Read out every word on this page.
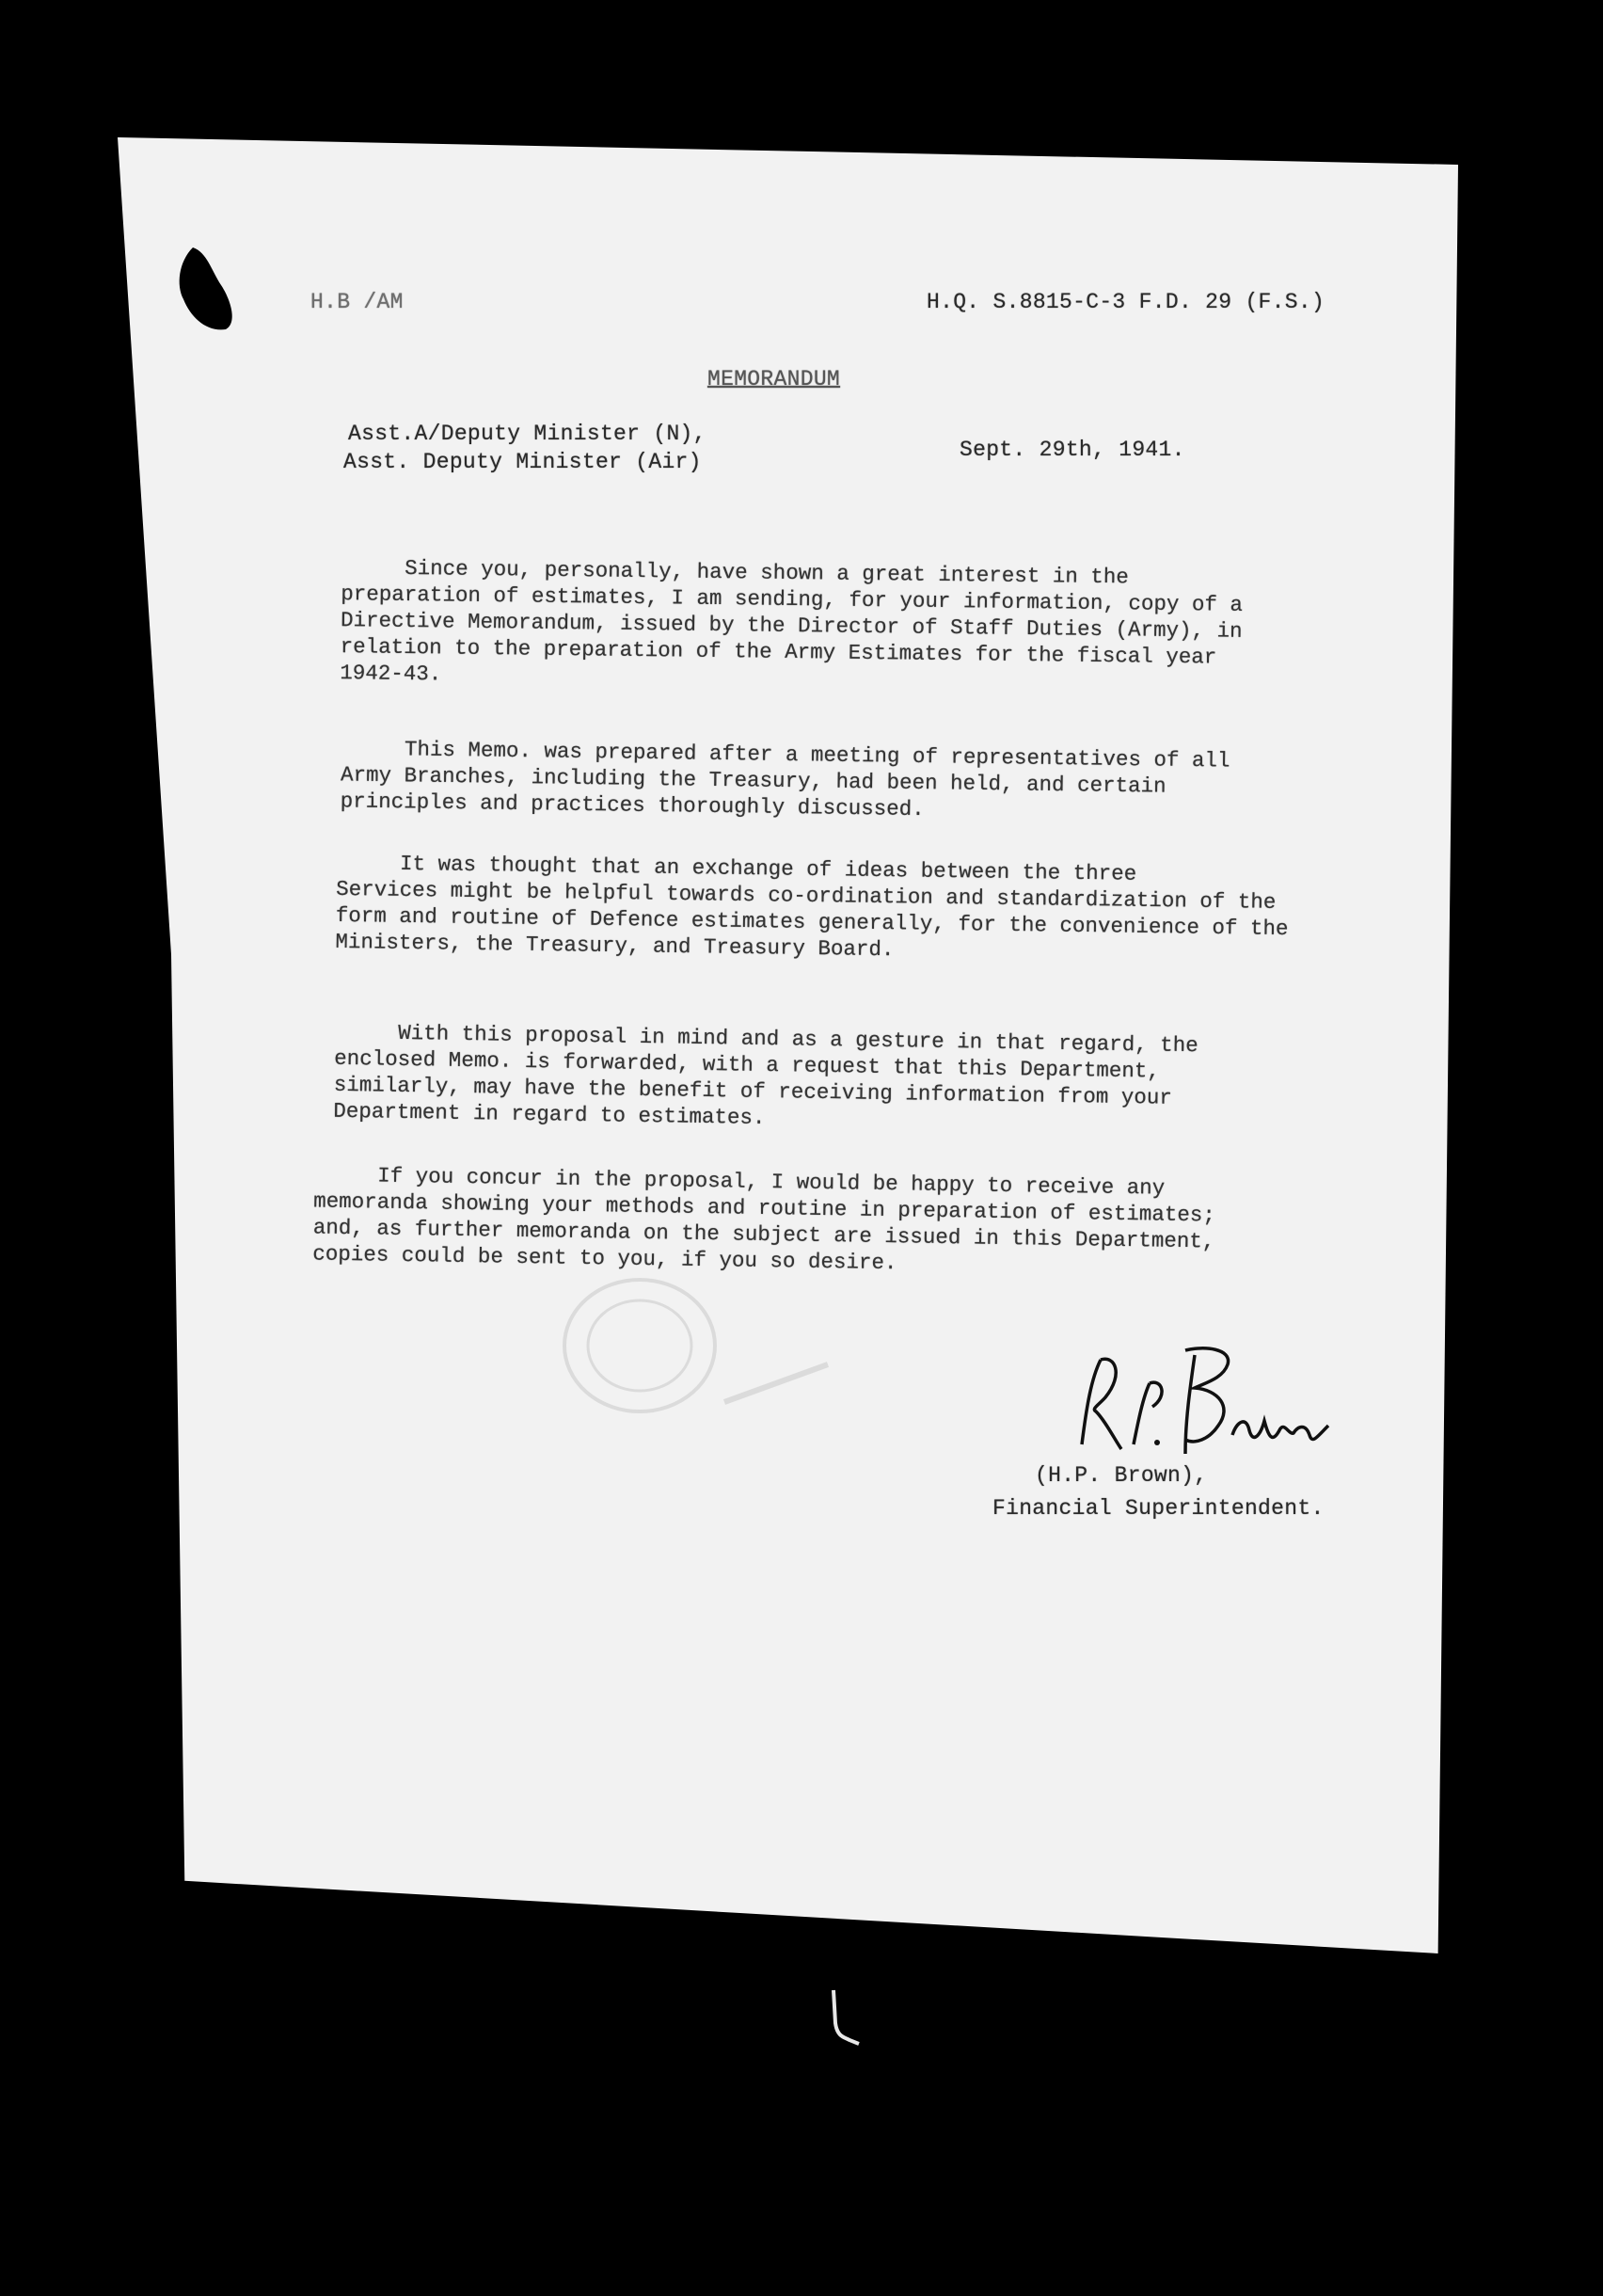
H.B /AM	H.Q. S.8815-C-3 F.D. 29 (F.S.)
MEMORANDUM
Asst.A/Deputy Minister (N),
Asst. Deputy Minister (Air)	Sept. 29th, 1941.
Since you, personally, have shown a great interest in the
preparation of estimates, I am sending, for your information, copy of a
Directive Memorandum, issued by the Director of Staff Duties (Army), in
relation to the preparation of the Army Estimates for the fiscal year
1942-43.
This Memo. was prepared after a meeting of representatives of all
Army Branches, including the Treasury, had been held, and certain
principles and practices thoroughly discussed.
It was thought that an exchange of ideas between the three
Services might be helpful towards co-ordination and standardization of the
form and routine of Defence estimates generally, for the convenience of the
Ministers, the Treasury, and Treasury Board.
With this proposal in mind and as a gesture in that regard, the
enclosed Memo. is forwarded, with a request that this Department,
similarly, may have the benefit of receiving information from your
Department in regard to estimates.
If you concur in the proposal, I would be happy to receive any
memoranda showing your methods and routine in preparation of estimates;
and, as further memoranda on the subject are issued in this Department,
copies could be sent to you, if you so desire.
(H.P. Brown),
Financial Superintendent.
